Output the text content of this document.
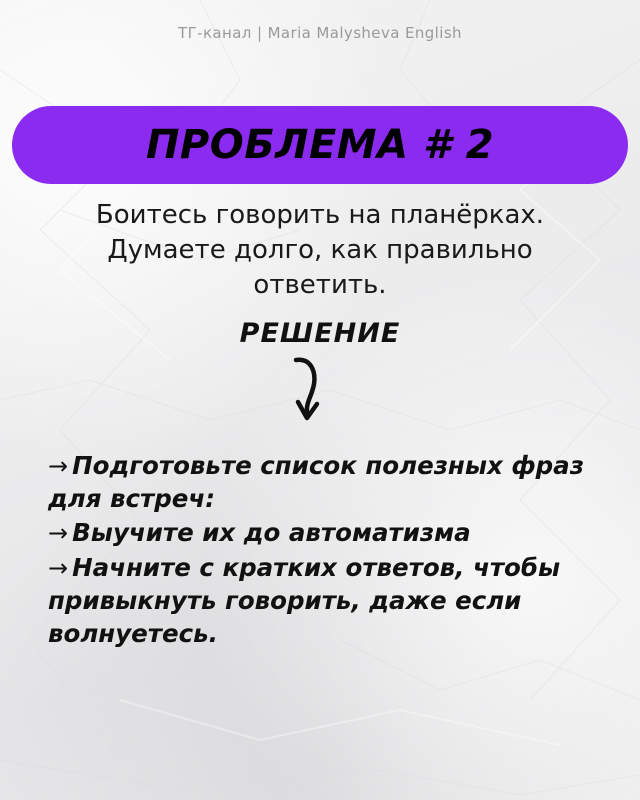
ТГ-канал | Maria Malysheva English
ПРОБЛЕМА # 2
Боитесь говорить на планёрках. Думаете долго, как правильно ответить.
РЕШЕНИЕ

→ Подготовьте список полезных фраз для встреч:

→ Выучите их до автоматизма

→ Начните с кратких ответов, чтобы привыкнуть говорить, даже если волнуетесь.
